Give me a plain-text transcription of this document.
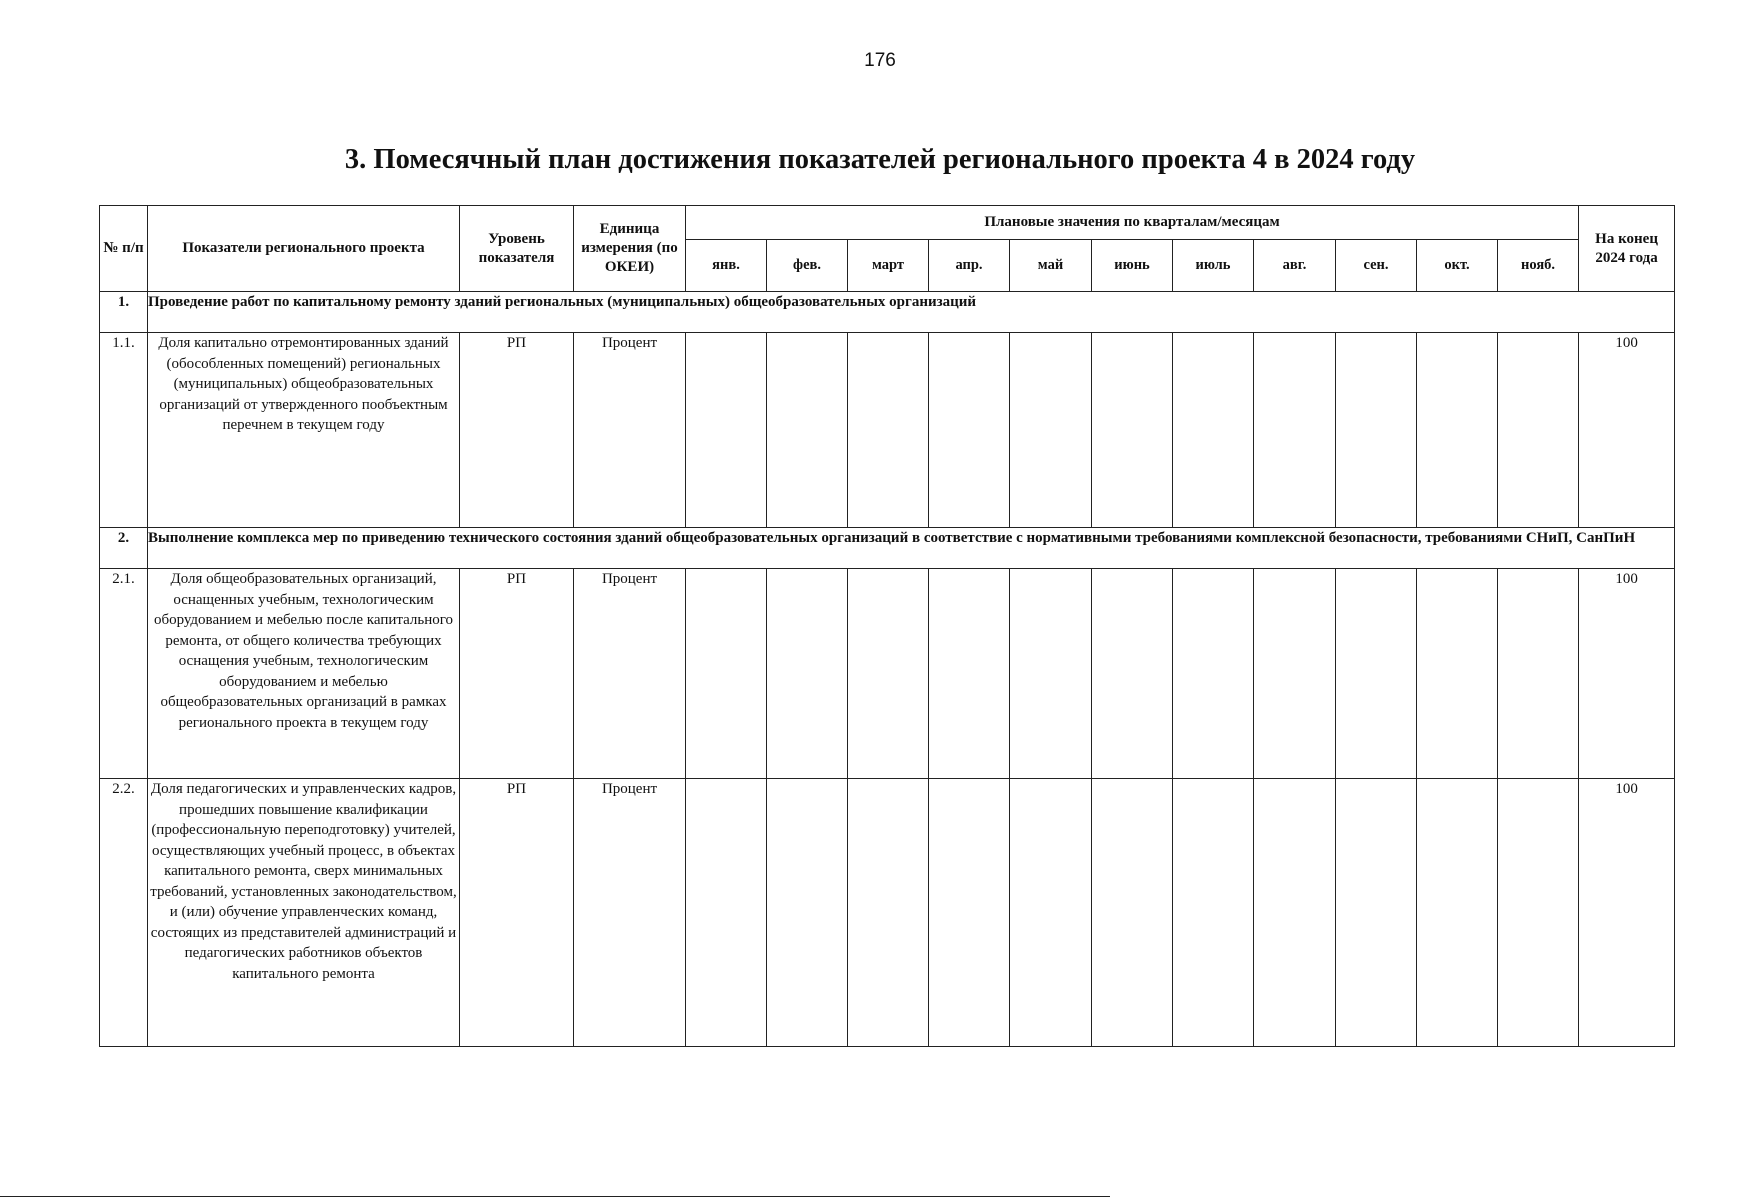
176
3. Помесячный план достижения показателей регионального проекта 4 в 2024 году
№ п/п	Показатели регионального проекта	Уровень показателя	Единица измерения (по ОКЕИ)	Плановые значения по кварталам/месяцам											На конец 2024 года
				янв.	фев.	март	апр.	май	июнь	июль	авг.	сен.	окт.	нояб.	
1.	Проведение работ по капитальному ремонту зданий региональных (муниципальных) общеобразовательных организаций														
1.1.	Доля капитально отремонтированных зданий (обособленных помещений) региональных (муниципальных) общеобразовательных организаций от утвержденного пообъектным перечнем в текущем году	РП	Процент												100
2.	Выполнение комплекса мер по приведению технического состояния зданий общеобразовательных организаций в соответствие с нормативными требованиями комплексной безопасности, требованиями СНиП, СанПиН														
2.1.	Доля общеобразовательных организаций, оснащенных учебным, технологическим оборудованием и мебелью после капитального ремонта, от общего количества требующих оснащения учебным, технологическим оборудованием и мебелью общеобразовательных организаций в рамках регионального проекта в текущем году	РП	Процент												100
2.2.	Доля педагогических и управленческих кадров, прошедших повышение квалификации (профессиональную переподготовку) учителей, осуществляющих учебный процесс, в объектах капитального ремонта, сверх минимальных требований, установленных законодательством, и (или) обучение управленческих команд, состоящих из представителей администраций и педагогических работников объектов капитального ремонта	РП	Процент												100
